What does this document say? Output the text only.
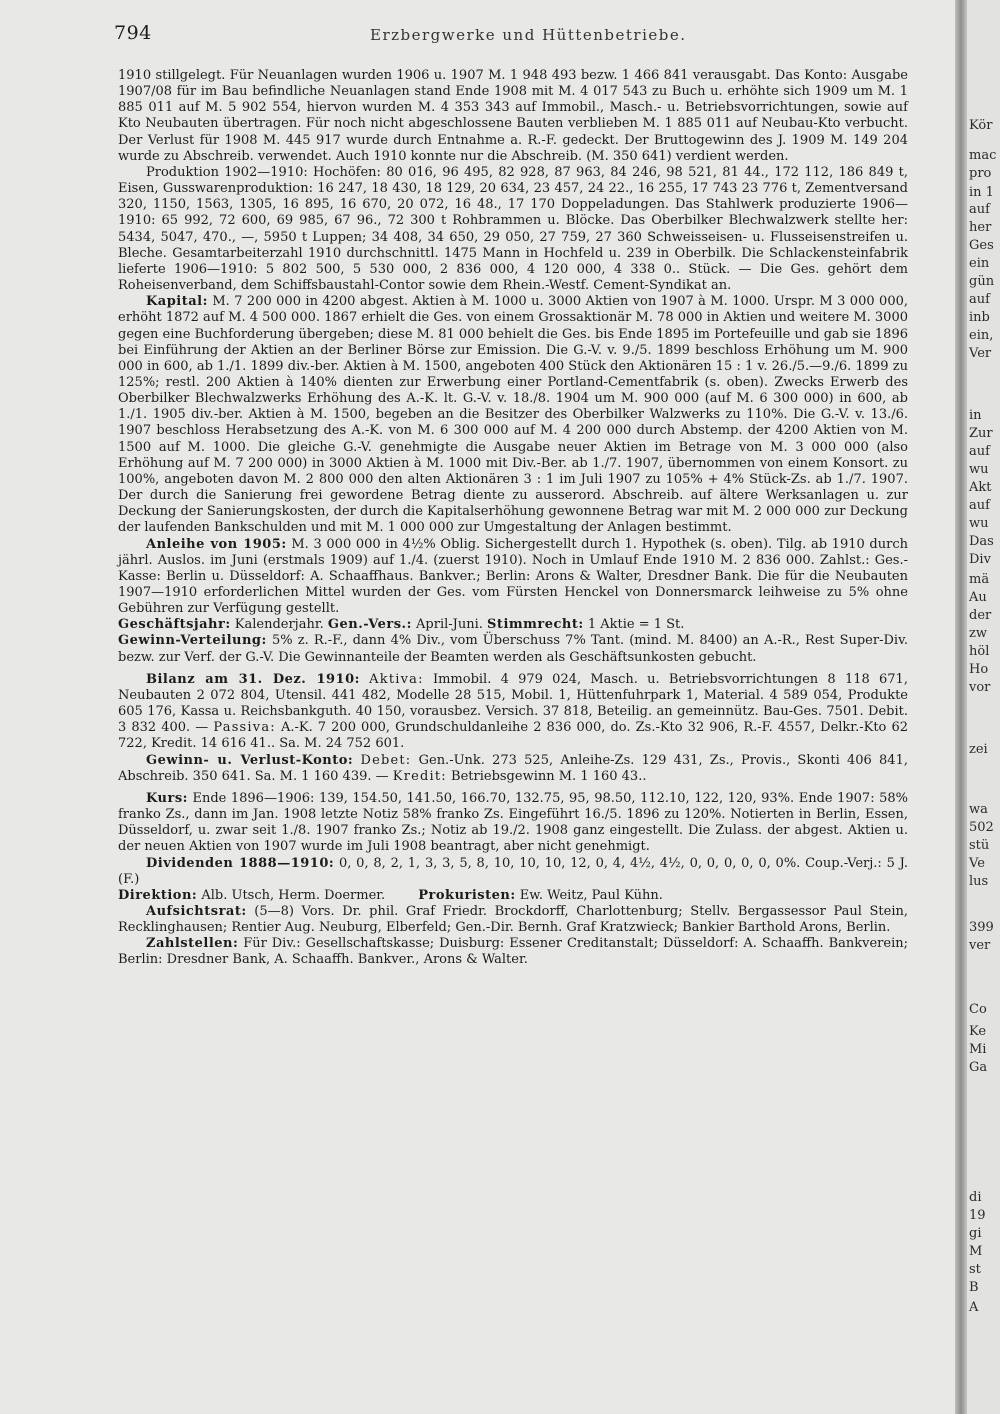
794	Erzbergwerke und Hüttenbetriebe.

1910 stillgelegt. Für Neuanlagen wurden 1906 u. 1907 M. 1 948 493 bezw. 1 466 841 verausgabt. Das Konto: Ausgabe 1907/08 für im Bau befindliche Neuanlagen stand Ende 1908 mit M. 4 017 543 zu Buch u. erhöhte sich 1909 um M. 1 885 011 auf M. 5 902 554, hiervon wurden M. 4 353 343 auf Immobil., Masch.- u. Betriebsvorrichtungen, sowie auf Kto Neubauten übertragen. Für noch nicht abgeschlossene Bauten verblieben M. 1 885 011 auf Neubau-Kto verbucht. Der Verlust für 1908 M. 445 917 wurde durch Entnahme a. R.-F. gedeckt. Der Bruttogewinn des J. 1909 M. 149 204 wurde zu Abschreib. verwendet. Auch 1910 konnte nur die Abschreib. (M. 350 641) verdient werden.

Produktion 1902—1910: Hochöfen: 80 016, 96 495, 82 928, 87 963, 84 246, 98 521, 81 44., 172 112, 186 849 t, Eisen, Gusswarenproduktion: 16 247, 18 430, 18 129, 20 634, 23 457, 24 22., 16 255, 17 743 23 776 t, Zementversand 320, 1150, 1563, 1305, 16 895, 16 670, 20 072, 16 48., 17 170 Doppeladungen. Das Stahlwerk produzierte 1906—1910: 65 992, 72 600, 69 985, 67 96., 72 300 t Rohbrammen u. Blöcke. Das Oberbilker Blechwalzwerk stellte her: 5434, 5047, 470., —, 5950 t Luppen; 34 408, 34 650, 29 050, 27 759, 27 360 Schweisseisen- u. Flusseisenstreifen u. Bleche. Gesamtarbeiterzahl 1910 durchschnittl. 1475 Mann in Hochfeld u. 239 in Oberbilk. Die Schlackensteinfabrik lieferte 1906—1910: 5 802 500, 5 530 000, 2 836 000, 4 120 000, 4 338 0.. Stück. — Die Ges. gehört dem Roheisenverband, dem Schiffsbaustahl-Contor sowie dem Rhein.-Westf. Cement-Syndikat an.

Kapital: M. 7 200 000 in 4200 abgest. Aktien à M. 1000 u. 3000 Aktien von 1907 à M. 1000. Urspr. M 3 000 000, erhöht 1872 auf M. 4 500 000. 1867 erhielt die Ges. von einem Grossaktionär M. 78 000 in Aktien und weitere M. 3000 gegen eine Buchforderung übergeben; diese M. 81 000 behielt die Ges. bis Ende 1895 im Portefeuille und gab sie 1896 bei Einführung der Aktien an der Berliner Börse zur Emission. Die G.-V. v. 9./5. 1899 beschloss Erhöhung um M. 900 000 in 600, ab 1./1. 1899 div.-ber. Aktien à M. 1500, angeboten 400 Stück den Aktionären 15 : 1 v. 26./5.—9./6. 1899 zu 125%; restl. 200 Aktien à 140% dienten zur Erwerbung einer Portland-Cementfabrik (s. oben). Zwecks Erwerb des Oberbilker Blechwalzwerks Erhöhung des A.-K. lt. G.-V. v. 18./8. 1904 um M. 900 000 (auf M. 6 300 000) in 600, ab 1./1. 1905 div.-ber. Aktien à M. 1500, begeben an die Besitzer des Oberbilker Walzwerks zu 110%. Die G.-V. v. 13./6. 1907 beschloss Herabsetzung des A.-K. von M. 6 300 000 auf M. 4 200 000 durch Abstemp. der 4200 Aktien von M. 1500 auf M. 1000. Die gleiche G.-V. genehmigte die Ausgabe neuer Aktien im Betrage von M. 3 000 000 (also Erhöhung auf M. 7 200 000) in 3000 Aktien à M. 1000 mit Div.-Ber. ab 1./7. 1907, übernommen von einem Konsort. zu 100%, angeboten davon M. 2 800 000 den alten Aktionären 3 : 1 im Juli 1907 zu 105% + 4% Stück-Zs. ab 1./7. 1907. Der durch die Sanierung frei gewordene Betrag diente zu ausserord. Abschreib. auf ältere Werksanlagen u. zur Deckung der Sanierungskosten, der durch die Kapitalserhöhung gewonnene Betrag war mit M. 2 000 000 zur Deckung der laufenden Bankschulden und mit M. 1 000 000 zur Umgestaltung der Anlagen bestimmt.

Anleihe von 1905: M. 3 000 000 in 4½% Oblig. Sichergestellt durch 1. Hypothek (s. oben). Tilg. ab 1910 durch jährl. Auslos. im Juni (erstmals 1909) auf 1./4. (zuerst 1910). Noch in Umlauf Ende 1910 M. 2 836 000. Zahlst.: Ges.-Kasse: Berlin u. Düsseldorf: A. Schaaffhaus. Bankver.; Berlin: Arons & Walter, Dresdner Bank. Die für die Neubauten 1907—1910 erforderlichen Mittel wurden der Ges. vom Fürsten Henckel von Donnersmarck leihweise zu 5% ohne Gebühren zur Verfügung gestellt.

Geschäftsjahr: Kalenderjahr. Gen.-Vers.: April-Juni. Stimmrecht: 1 Aktie = 1 St.

Gewinn-Verteilung: 5% z. R.-F., dann 4% Div., vom Überschuss 7% Tant. (mind. M. 8400) an A.-R., Rest Super-Div. bezw. zur Verf. der G.-V. Die Gewinnanteile der Beamten werden als Geschäftsunkosten gebucht.

Bilanz am 31. Dez. 1910: Aktiva: Immobil. 4 979 024, Masch. u. Betriebsvorrichtungen 8 118 671, Neubauten 2 072 804, Utensil. 441 482, Modelle 28 515, Mobil. 1, Hüttenfuhrpark 1, Material. 4 589 054, Produkte 605 176, Kassa u. Reichsbankguth. 40 150, vorausbez. Versich. 37 818, Beteilig. an gemeinnütz. Bau-Ges. 7501. Debit. 3 832 400. — Passiva: A.-K. 7 200 000, Grundschuldanleihe 2 836 000, do. Zs.-Kto 32 906, R.-F. 4557, Delkr.-Kto 62 722, Kredit. 14 616 41.. Sa. M. 24 752 601.

Gewinn- u. Verlust-Konto: Debet: Gen.-Unk. 273 525, Anleihe-Zs. 129 431, Zs., Provis., Skonti 406 841, Abschreib. 350 641. Sa. M. 1 160 439. — Kredit: Betriebsgewinn M. 1 160 43..

Kurs: Ende 1896—1906: 139, 154.50, 141.50, 166.70, 132.75, 95, 98.50, 112.10, 122, 120, 93%. Ende 1907: 58% franko Zs., dann im Jan. 1908 letzte Notiz 58% franko Zs. Eingeführt 16./5. 1896 zu 120%. Notierten in Berlin, Essen, Düsseldorf, u. zwar seit 1./8. 1907 franko Zs.; Notiz ab 19./2. 1908 ganz eingestellt. Die Zulass. der abgest. Aktien u. der neuen Aktien von 1907 wurde im Juli 1908 beantragt, aber nicht genehmigt.

Dividenden 1888—1910: 0, 0, 8, 2, 1, 3, 3, 5, 8, 10, 10, 10, 12, 0, 4, 4½, 4½, 0, 0, 0, 0, 0, 0%. Coup.-Verj.: 5 J. (F.)

Direktion: Alb. Utsch, Herm. Doermer.	Prokuristen: Ew. Weitz, Paul Kühn.

Aufsichtsrat: (5—8) Vors. Dr. phil. Graf Friedr. Brockdorff, Charlottenburg; Stellv. Bergassessor Paul Stein, Recklinghausen; Rentier Aug. Neuburg, Elberfeld; Gen.-Dir. Bernh. Graf Kratzwieck; Bankier Barthold Arons, Berlin.

Zahlstellen: Für Div.: Gesellschaftskasse; Duisburg: Essener Creditanstalt; Düsseldorf: A. Schaaffh. Bankverein; Berlin: Dresdner Bank, A. Schaaffh. Bankver., Arons & Walter.

Kör
mac
pro
in 1
auf
her
Ges
ein
gün
auf
inb
ein,
Ver
in
Zur
auf
wu
Akt
auf
wu
Das
Div
mä
Au
der
zw
höl
Ho
vor
zei
wa
502
stü
Ve
lus
399
ver
Co
Ke
Mi
Ga
di
19
gi
M
st
B
A
